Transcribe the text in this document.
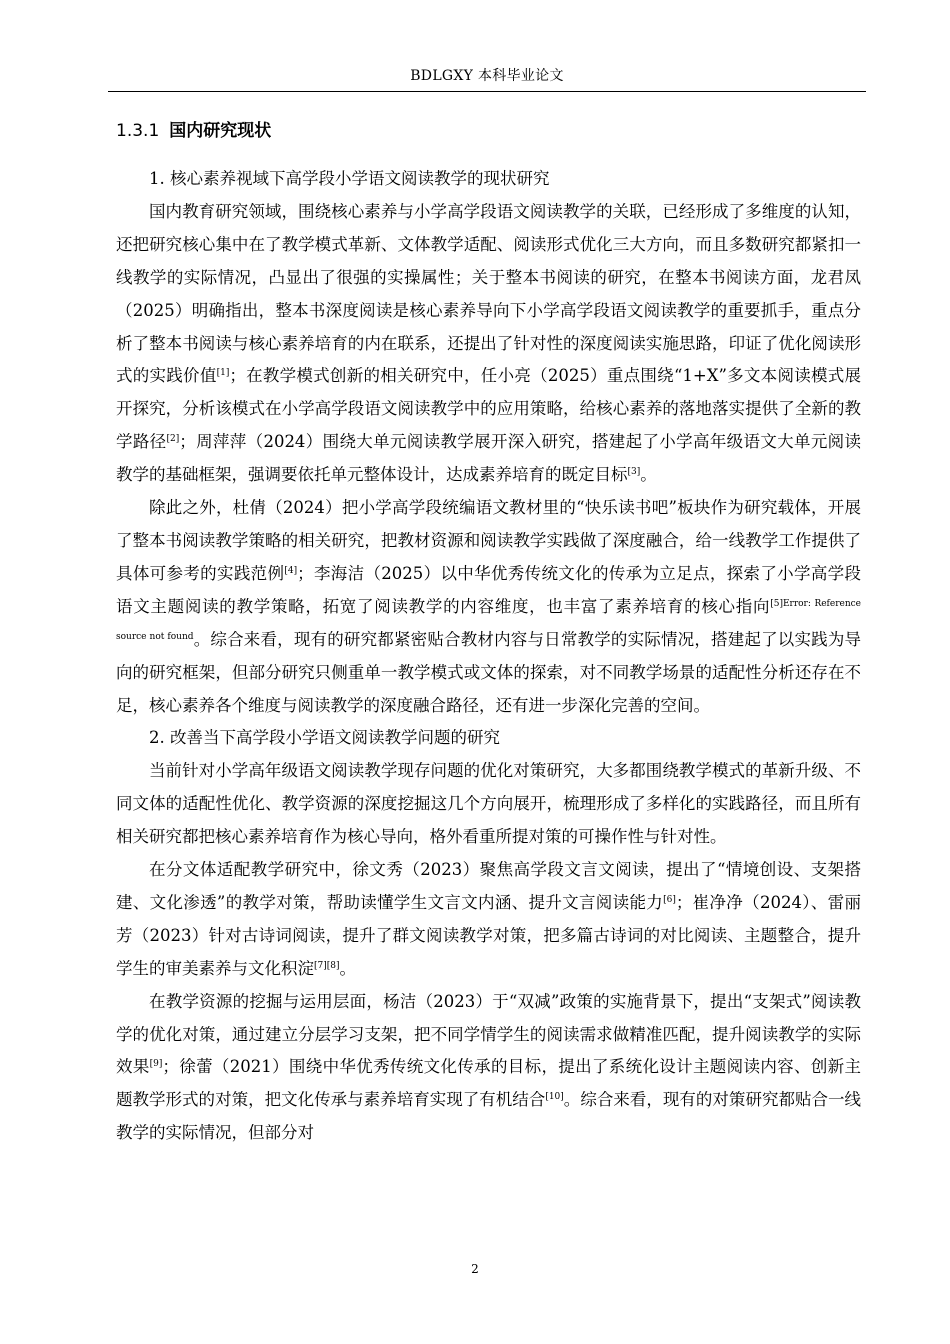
BDLGXY 本科毕业论文
1.3.1 国内研究现状

1. 核心素养视域下高学段小学语文阅读教学的现状研究

国内教育研究领域，围绕核心素养与小学高学段语文阅读教学的关联，已经形成了多维度的认知，还把研究核心集中在了教学模式革新、文体教学适配、阅读形式优化三大方向，而且多数研究都紧扣一线教学的实际情况，凸显出了很强的实操属性；关于整本书阅读的研究，在整本书阅读方面，龙君凤（2025）明确指出，整本书深度阅读是核心素养导向下小学高学段语文阅读教学的重要抓手，重点分析了整本书阅读与核心素养培育的内在联系，还提出了针对性的深度阅读实施思路，印证了优化阅读形式的实践价值[1]；在教学模式创新的相关研究中，任小亮（2025）重点围绕“1+X”多文本阅读模式展开探究，分析该模式在小学高学段语文阅读教学中的应用策略，给核心素养的落地落实提供了全新的教学路径[2]；周萍萍（2024）围绕大单元阅读教学展开深入研究，搭建起了小学高年级语文大单元阅读教学的基础框架，强调要依托单元整体设计，达成素养培育的既定目标[3]。

除此之外，杜倩（2024）把小学高学段统编语文教材里的“快乐读书吧”板块作为研究载体，开展了整本书阅读教学策略的相关研究，把教材资源和阅读教学实践做了深度融合，给一线教学工作提供了具体可参考的实践范例[4]；李海洁（2025）以中华优秀传统文化的传承为立足点，探索了小学高学段语文主题阅读的教学策略，拓宽了阅读教学的内容维度，也丰富了素养培育的核心指向$^{[5]Error: Reference source not found}$。综合来看，现有的研究都紧密贴合教材内容与日常教学的实际情况，搭建起了以实践为导向的研究框架，但部分研究只侧重单一教学模式或文体的探索，对不同教学场景的适配性分析还存在不足，核心素养各个维度与阅读教学的深度融合路径，还有进一步深化完善的空间。

2. 改善当下高学段小学语文阅读教学问题的研究

当前针对小学高年级语文阅读教学现存问题的优化对策研究，大多都围绕教学模式的革新升级、不同文体的适配性优化、教学资源的深度挖掘这几个方向展开，梳理形成了多样化的实践路径，而且所有相关研究都把核心素养培育作为核心导向，格外看重所提对策的可操作性与针对性。

在分文体适配教学研究中，徐文秀（2023）聚焦高学段文言文阅读，提出了“情境创设、支架搭建、文化渗透”的教学对策，帮助读懂学生文言文内涵、提升文言阅读能力[6]；崔净净（2024）、雷丽芳（2023）针对古诗词阅读，提升了群文阅读教学对策，把多篇古诗词的对比阅读、主题整合，提升学生的审美素养与文化积淀[7][8]。

在教学资源的挖掘与运用层面，杨洁（2023）于“双减”政策的实施背景下，提出“支架式”阅读教学的优化对策，通过建立分层学习支架，把不同学情学生的阅读需求做精准匹配，提升阅读教学的实际效果[9]；徐蕾（2021）围绕中华优秀传统文化传承的目标，提出了系统化设计主题阅读内容、创新主题教学形式的对策，把文化传承与素养培育实现了有机结合[10]。综合来看，现有的对策研究都贴合一线教学的实际情况，但部分对

2
